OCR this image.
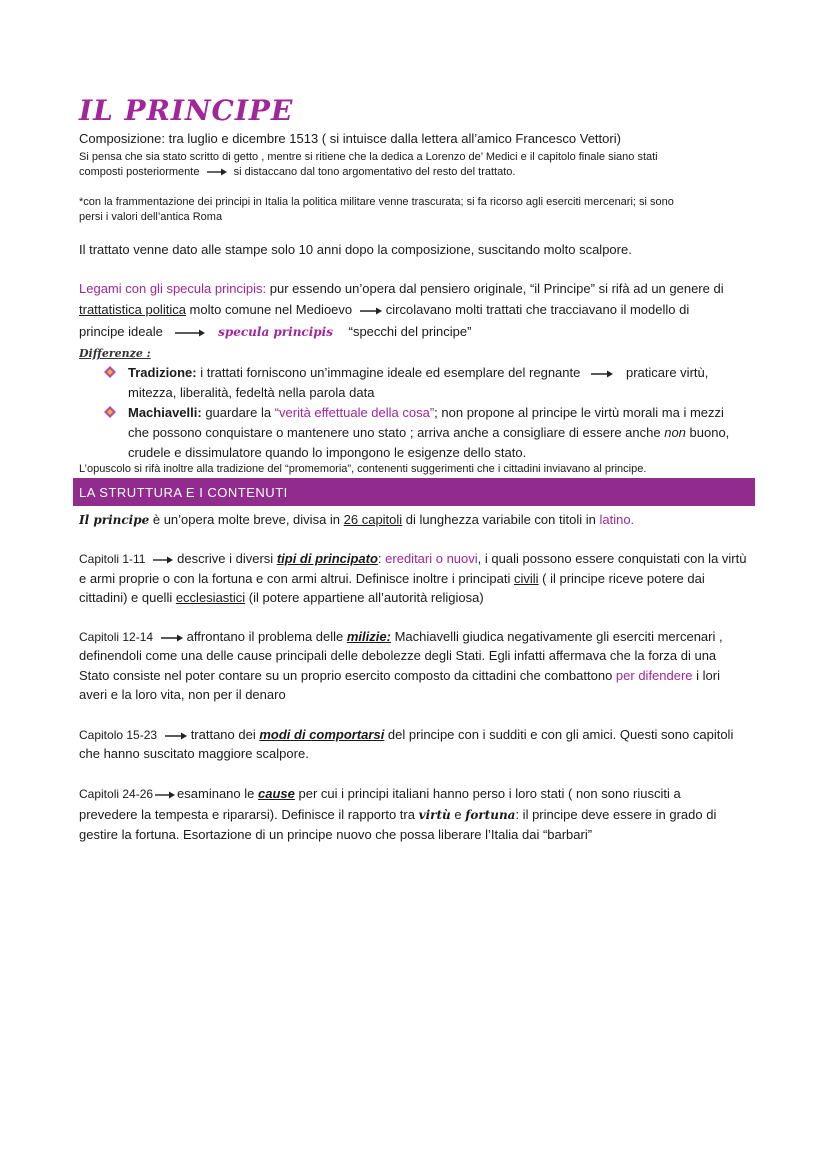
IL PRINCIPE
Composizione: tra luglio e dicembre 1513 ( si intuisce dalla lettera all’amico Francesco Vettori)
Si pensa che sia stato scritto di getto , mentre si ritiene che la dedica a Lorenzo de’ Medici e il capitolo finale siano stati
composti posteriormente	si distaccano dal tono argomentativo del resto del trattato.
*con la frammentazione dei principi in Italia la politica militare venne trascurata; si fa ricorso agli eserciti mercenari; si sono
persi i valori dell’antica Roma
Il trattato venne dato alle stampe solo 10 anni dopo la composizione, suscitando molto scalpore.
Legami con gli specula principis: pur essendo un’opera dal pensiero originale, “il Principe” si rifà ad un genere di
trattatistica politica molto comune nel Medioevo	circolavano molti trattati che tracciavano il modello di
principe ideale	specula principis “specchi del principe”
Differenze :
Tradizione: i trattati forniscono un’immagine ideale ed esemplare del regnante	praticare virtù,
mitezza, liberalità, fedeltà nella parola data
Machiavelli: guardare la “verità effettuale della cosa”; non propone al principe le virtù morali ma i mezzi
che possono conquistare o mantenere uno stato ; arriva anche a consigliare di essere anche non buono,
crudele e dissimulatore quando lo impongono le esigenze dello stato.
L’opuscolo si rifà inoltre alla tradizione del “promemoria”, contenenti suggerimenti che i cittadini inviavano al principe.
LA STRUTTURA E I CONTENUTI
Il principe è un’opera molte breve, divisa in 26 capitoli di lunghezza variabile con titoli in latino.
Capitoli 1-11 descrive i diversi tipi di principato: ereditari o nuovi, i quali possono essere conquistati con la virtù
e armi proprie o con la fortuna e con armi altrui. Definisce inoltre i principati civili ( il principe riceve potere dai
cittadini) e quelli ecclesiastici (il potere appartiene all’autorità religiosa)
Capitoli 12-14	affrontano il problema delle milizie: Machiavelli giudica negativamente gli eserciti mercenari ,
definendoli come una delle cause principali delle debolezze degli Stati. Egli infatti affermava che la forza di una
Stato consiste nel poter contare su un proprio esercito composto da cittadini che combattono per difendere i lori
averi e la loro vita, non per il denaro
Capitolo 15-23	trattano dei modi di comportarsi del principe con i sudditi e con gli amici. Questi sono capitoli
che hanno suscitato maggiore scalpore.
Capitoli 24-26 esaminano le cause per cui i principi italiani hanno perso i loro stati ( non sono riusciti a
prevedere la tempesta e ripararsi). Definisce il rapporto tra virtù e fortuna: il principe deve essere in grado di
gestire la fortuna. Esortazione di un principe nuovo che possa liberare l’Italia dai “barbari”
